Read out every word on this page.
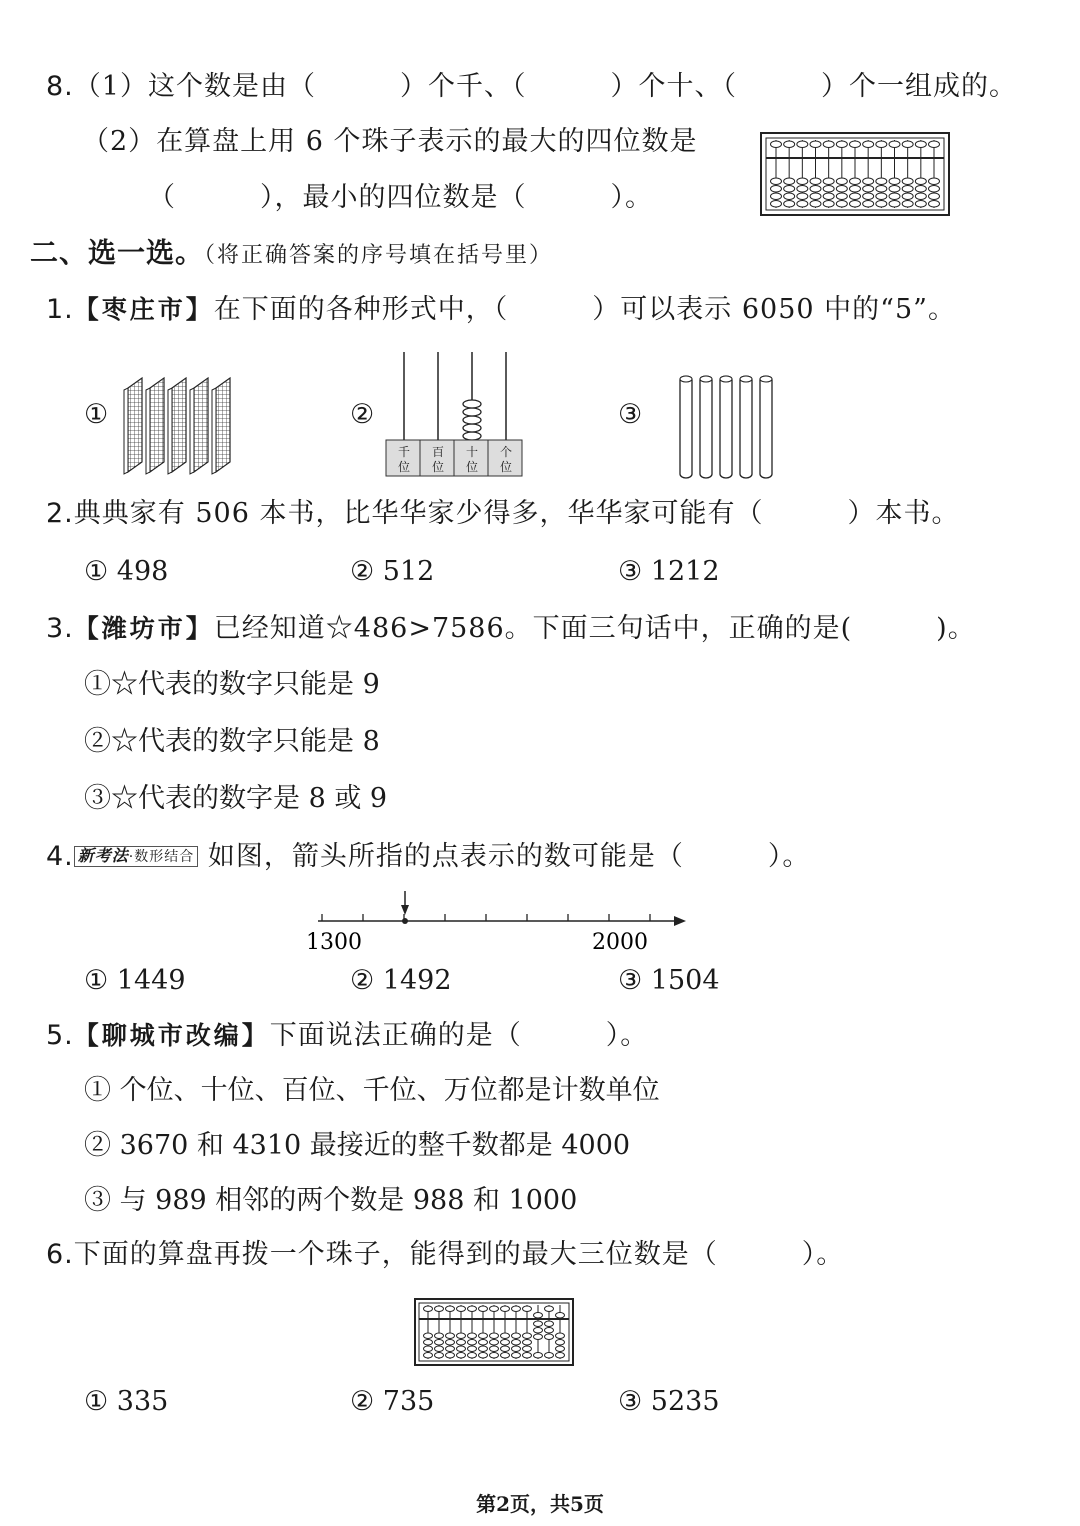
8.（1）这个数是由（　　　）个千、（　　　）个十、（　　　）个一组成的。
（2）在算盘上用 6 个珠子表示的最大的四位数是
（　　　），最小的四位数是（　　　）。
二、选一选。（将正确答案的序号填在括号里）
1.【枣庄市】在下面的各种形式中，（　　　）可以表示 6050 中的“5”。
①	②	③
千
位
百
位
十
位
个
位
2.典典家有 506 本书，比华华家少得多，华华家可能有（　　　）本书。
① 498	② 512	③ 1212
3.【潍坊市】已经知道☆486>7586。下面三句话中，正确的是(　　　)。
①☆代表的数字只能是 9
②☆代表的数字只能是 8
③☆代表的数字是 8 或 9
4. 新考法·数形结合 如图，箭头所指的点表示的数可能是（　　　）。
1300	2000
① 1449	② 1492	③ 1504
5.【聊城市改编】下面说法正确的是（　　　）。
① 个位、十位、百位、千位、万位都是计数单位
② 3670 和 4310 最接近的整千数都是 4000
③ 与 989 相邻的两个数是 988 和 1000
6.下面的算盘再拨一个珠子，能得到的最大三位数是（　　　）。
① 335	② 735	③ 5235
第2页，共5页
